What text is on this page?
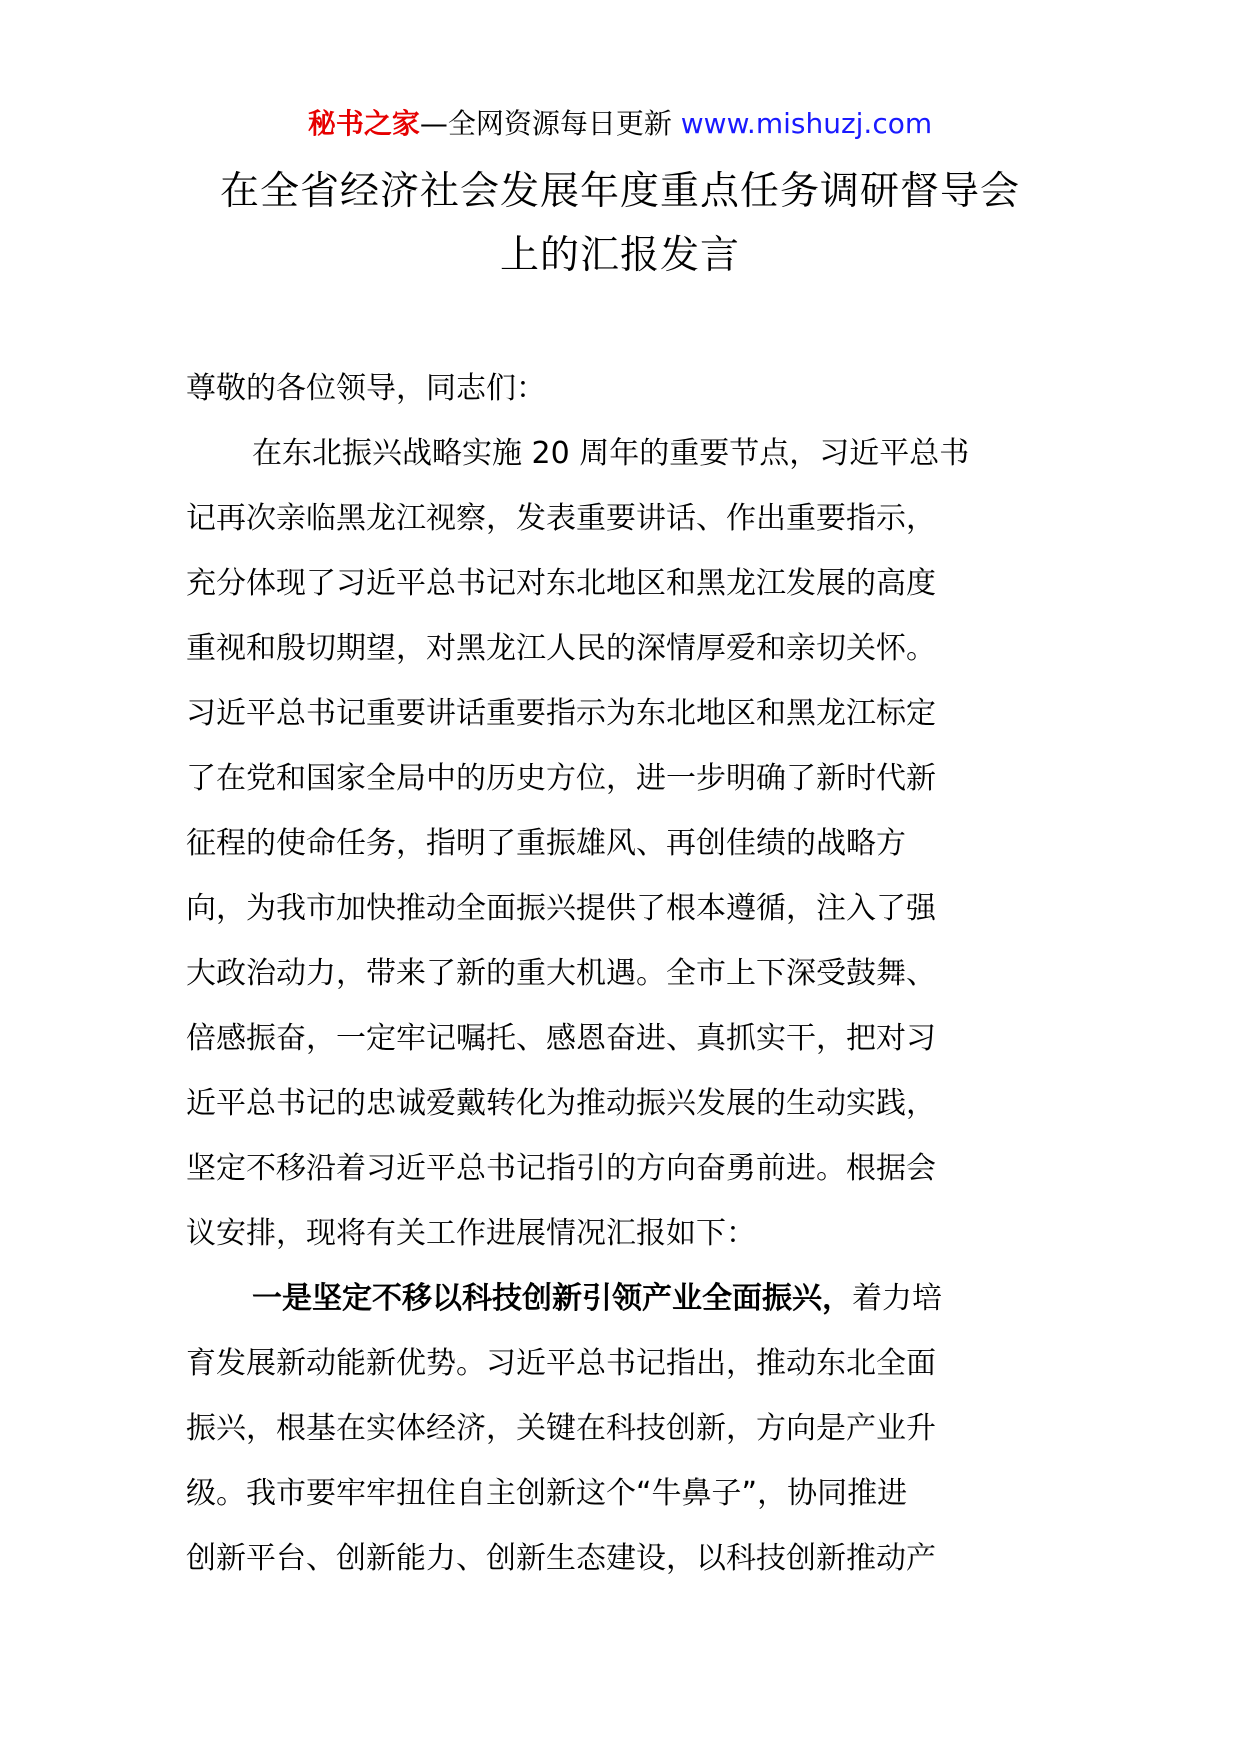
秘书之家—全网资源每日更新 www.mishuzj.com
在全省经济社会发展年度重点任务调研督导会
上的汇报发言
尊敬的各位领导，同志们：
在东北振兴战略实施 20 周年的重要节点，习近平总书
记再次亲临黑龙江视察，发表重要讲话、作出重要指示，
充分体现了习近平总书记对东北地区和黑龙江发展的高度
重视和殷切期望，对黑龙江人民的深情厚爱和亲切关怀。
习近平总书记重要讲话重要指示为东北地区和黑龙江标定
了在党和国家全局中的历史方位，进一步明确了新时代新
征程的使命任务，指明了重振雄风、再创佳绩的战略方
向，为我市加快推动全面振兴提供了根本遵循，注入了强
大政治动力，带来了新的重大机遇。全市上下深受鼓舞、
倍感振奋，一定牢记嘱托、感恩奋进、真抓实干，把对习
近平总书记的忠诚爱戴转化为推动振兴发展的生动实践，
坚定不移沿着习近平总书记指引的方向奋勇前进。根据会
议安排，现将有关工作进展情况汇报如下：
一是坚定不移以科技创新引领产业全面振兴，着力培
育发展新动能新优势。习近平总书记指出，推动东北全面
振兴，根基在实体经济，关键在科技创新，方向是产业升
级。我市要牢牢扭住自主创新这个“牛鼻子”，协同推进
创新平台、创新能力、创新生态建设，以科技创新推动产
